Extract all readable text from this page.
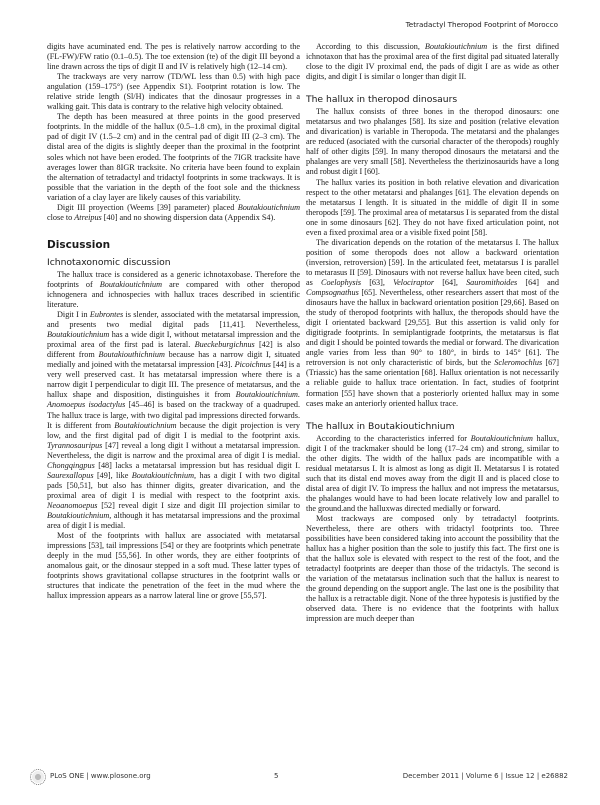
Tetradactyl Theropod Footprint of Morocco

digits have acuminated end. The pes is relatively narrow according to the (FL-FW)/FW ratio (0.1–0.5). The toe extension (te) of the digit III beyond a line drawn across the tips of digit II and IV is relatively high (12–14 cm).

The trackways are very narrow (TD/WL less than 0.5) with high pace angulation (159–175°) (see Appendix S1). Footprint rotation is low. The relative stride length (Sl/H) indicates that the dinosaur progresses in a walking gait. This data is contrary to the relative high velocity obtained.

The depth has been measured at three points in the good preserved footprints. In the middle of the hallux (0.5–1.8 cm), in the proximal digital pad of digit IV (1.5–2 cm) and in the central pad of digit III (2–3 cm). The distal area of the digits is slightly deeper than the proximal in the footprint soles which not have been eroded. The footprints of the 7IGR tracksite have averages lower than 8IGR tracksite. No criteria have been found to explain the alternation of tetradactyl and tridactyl footprints in some trackways. It is possible that the variation in the depth of the foot sole and the thickness variation of a clay layer are likely causes of this variability.

Digit III proyection (Weems [39] parameter) placed Boutakioutichnium close to Atreipus [40] and no showing dispersion data (Appendix S4).

Discussion
Ichnotaxonomic discussion

The hallux trace is considered as a generic ichnotaxobase. Therefore the footprints of Boutakioutichnium are compared with other theropod ichnogenera and ichnospecies with hallux traces described in scientific literature.

Digit I in Eubrontes is slender, associated with the metatarsal impression, and presents two medial digital pads [11,41]. Nevertheless, Boutakioutichnium has a wide digit I, without metatarsal impression and the proximal area of the first pad is lateral. Bueckeburgichnus [42] is also different from Boutakiouthichnium because has a narrow digit I, situated medially and joined with the metatarsal impression [43]. Picoichnus [44] is a very well preserved cast. It has metatarsal impression where there is a narrow digit I perpendicular to digit III. The presence of metatarsus, and the hallux shape and disposition, distinguishes it from Boutakioutichnium. Anomoepus isodactylus [45–46] is based on the trackway of a quadruped. The hallux trace is large, with two digital pad impressions directed forwards. It is different from Boutakioutichnium because the digit projection is very low, and the first digital pad of digit I is medial to the footprint axis. Tyrannosauripus [47] reveal a long digit I without a metatarsal impression. Nevertheless, the digit is narrow and the proximal area of digit I is medial. Chongqingpus [48] lacks a metatarsal impression but has residual digit I. Saurexallopus [49], like Boutakioutichnium, has a digit I with two digital pads [50,51], but also has thinner digits, greater divarication, and the proximal area of digit I is medial with respect to the footprint axis. Neoanomoepus [52] reveal digit I size and digit III projection similar to Boutakioutichnium, although it has metatarsal impressions and the proximal area of digit I is medial.

Most of the footprints with hallux are associated with metatarsal impressions [53], tail impressions [54] or they are footprints which penetrate deeply in the mud [55,56]. In other words, they are either footprints of anomalous gait, or the dinosaur stepped in a soft mud. These latter types of footprints shows gravitational collapse structures in the footprint walls or structures that indicate the penetration of the feet in the mud where the hallux impression appears as a narrow lateral line or grove [55,57].

According to this discussion, Boutakioutichnium is the first difined ichnotaxon that has the proximal area of the first digital pad situated laterally close to the digit IV proximal end, the pads of digit I are as wide as other digits, and digit I is similar o longer than digit II.

The hallux in theropod dinosaurs

The hallux consists of three bones in the theropod dinosaurs: one metatarsus and two phalanges [58]. Its size and position (relative elevation and divarication) is variable in Theropoda. The metatarsi and the phalanges are reduced (asociated with the cursorial character of the theropods) roughly half of other digits [59]. In many theropod dinosaurs the metatarsi and the phalanges are very small [58]. Nevertheless the therizinosaurids have a long and robust digit I [60].

The hallux varies its position in both relative elevation and divarication respect to the other metatarsi and phalanges [61]. The elevation depends on the metatarsus I length. It is situated in the middle of digit II in some theropods [59]. The proximal area of metatarsus I is separated from the distal one in some dinosaurs [62]. They do not have fixed articulation point, not even a fixed proximal area or a visible fixed point [58].

The divarication depends on the rotation of the metatarsus I. The hallux position of some theropods does not allow a backward orientation (inversion, retroversion) [59]. In the articulated feet, metatarsus I is parallel to metarasus II [59]. Dinosaurs with not reverse hallux have been cited, such as Coelophysis [63], Velociraptor [64], Sauromithoides [64] and Compsognathus [65]. Nevertheless, other researchers assert that most of the dinosaurs have the hallux in backward orientation position [29,66]. Based on the study of theropod footprints with hallux, the theropods should have the digit I orientated backward [29,55]. But this assertion is valid only for digitigrade footprints. In semiplantigrade footprints, the metatarsus is flat and digit I should be pointed towards the medial or forward. The divarication angle varies from less than 90° to 180°, in birds to 145° [61]. The retroversion is not only characteristic of birds, but the Scleromochlus [67] (Triassic) has the same orientation [68]. Hallux orientation is not necessarily a reliable guide to hallux trace orientation. In fact, studies of footprint formation [55] have shown that a posteriorly oriented hallux may in some cases make an anteriorly oriented hallux trace.

The hallux in Boutakioutichnium

According to the characteristics inferred for Boutakioutichnium hallux, digit I of the trackmaker should be long (17–24 cm) and strong, similar to the other digits. The width of the hallux pads are incompatible with a residual metatarsus I. It is almost as long as digit II. Metatarsus I is rotated such that its distal end moves away from the digit II and is placed close to distal area of digit IV. To impress the hallux and not impress the metatarsus, the phalanges would have to had been locate relatively low and parallel to the ground.and the halluxwas directed medially or forward.

Most trackways are composed only by tetradactyl footprints. Nevertheless, there are others with tridactyl footprints too. Three possibilities have been considered taking into account the possibility that the hallux has a higher position than the sole to justify this fact. The first one is that the hallux sole is elevated with respect to the rest of the foot, and the tetradactyl footprints are deeper than those of the tridactyls. The second is the variation of the metatarsus inclination such that the hallux is nearest to the ground depending on the support angle. The last one is the posibility that the hallux is a retractable digit. None of the three hypotesis is justified by the observed data. There is no evidence that the footprints with hallux impression are much deeper than

PLoS ONE | www.plosone.org	5	December 2011 | Volume 6 | Issue 12 | e26882
